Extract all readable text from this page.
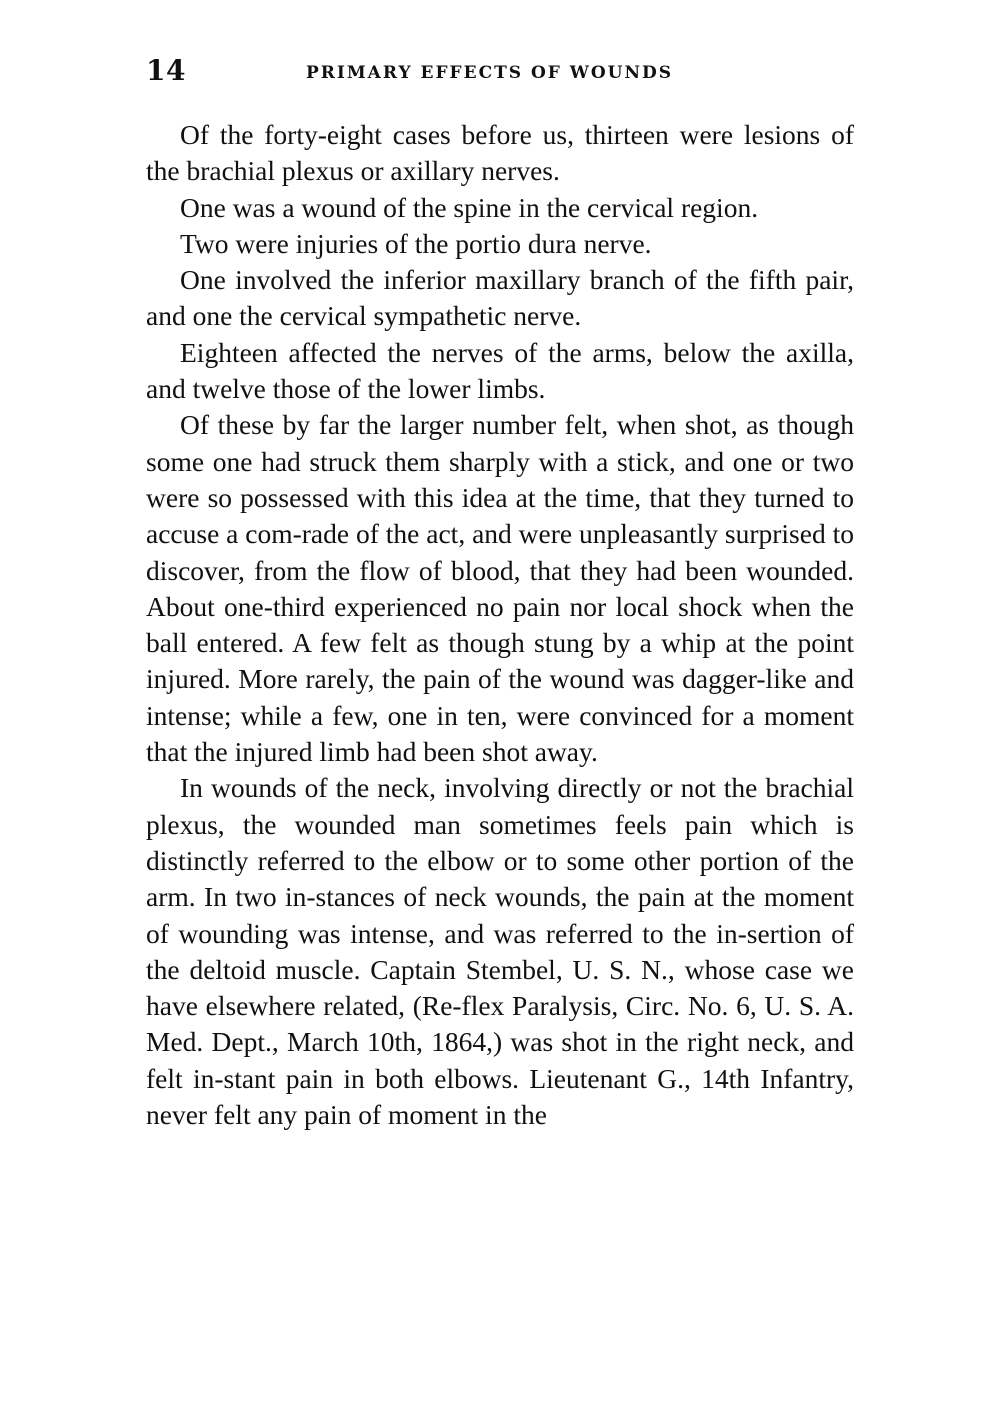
14	PRIMARY EFFECTS OF WOUNDS

Of the forty-eight cases before us, thirteen were lesions of the brachial plexus or axillary nerves.

One was a wound of the spine in the cervical region.

Two were injuries of the portio dura nerve.

One involved the inferior maxillary branch of the fifth pair, and one the cervical sympathetic nerve.

Eighteen affected the nerves of the arms, below the axilla, and twelve those of the lower limbs.

Of these by far the larger number felt, when shot, as though some one had struck them sharply with a stick, and one or two were so possessed with this idea at the time, that they turned to accuse a com-rade of the act, and were unpleasantly surprised to discover, from the flow of blood, that they had been wounded. About one-third experienced no pain nor local shock when the ball entered. A few felt as though stung by a whip at the point injured. More rarely, the pain of the wound was dagger-like and intense; while a few, one in ten, were convinced for a moment that the injured limb had been shot away.

In wounds of the neck, involving directly or not the brachial plexus, the wounded man sometimes feels pain which is distinctly referred to the elbow or to some other portion of the arm. In two in-stances of neck wounds, the pain at the moment of wounding was intense, and was referred to the in-sertion of the deltoid muscle. Captain Stembel, U. S. N., whose case we have elsewhere related, (Re-flex Paralysis, Circ. No. 6, U. S. A. Med. Dept., March 10th, 1864,) was shot in the right neck, and felt in-stant pain in both elbows. Lieutenant G., 14th Infantry, never felt any pain of moment in the
